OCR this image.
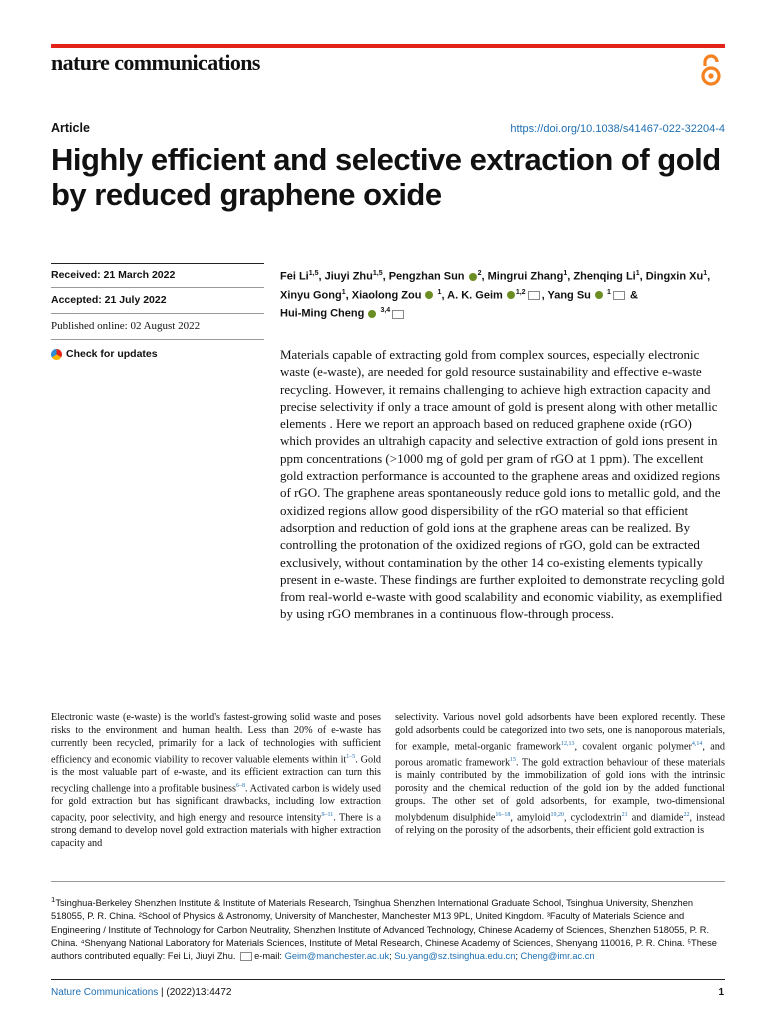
nature communications
Article	https://doi.org/10.1038/s41467-022-32204-4
Highly efficient and selective extraction of gold by reduced graphene oxide
Received: 21 March 2022
Accepted: 21 July 2022
Published online: 02 August 2022
Check for updates
Fei Li$^{1,5}$, Jiuyi Zhu$^{1,5}$, Pengzhan Sun $^2$, Mingrui Zhang$^1$, Zhenqing Li$^1$, Dingxin Xu$^1$, Xinyu Gong$^1$, Xiaolong Zou $^1$, A. K. Geim $^{1,2}$ , Yang Su $^1$ &
Hui-Ming Cheng $^{3,4}$
Materials capable of extracting gold from complex sources, especially electronic waste (e-waste), are needed for gold resource sustainability and effective e-waste recycling. However, it remains challenging to achieve high extraction capacity and precise selectivity if only a trace amount of gold is present along with other metallic elements . Here we report an approach based on reduced graphene oxide (rGO) which provides an ultrahigh capacity and selective extraction of gold ions present in ppm concentrations (>1000 mg of gold per gram of rGO at 1 ppm). The excellent gold extraction performance is accounted to the graphene areas and oxidized regions of rGO. The graphene areas spontaneously reduce gold ions to metallic gold, and the oxidized regions allow good dispersibility of the rGO material so that efficient adsorption and reduction of gold ions at the graphene areas can be realized. By controlling the protonation of the oxidized regions of rGO, gold can be extracted exclusively, without contamination by the other 14 co-existing elements typically present in e-waste. These findings are further exploited to demonstrate recycling gold from real-world e-waste with good scalability and economic viability, as exemplified by using rGO membranes in a continuous flow-through process.
Electronic waste (e-waste) is the world's fastest-growing solid waste and poses risks to the environment and human health. Less than 20% of e-waste has currently been recycled, primarily for a lack of technologies with sufficient efficiency and economic viability to recover valuable elements within $it^{1-5}$. Gold is the most valuable part of e-waste, and its efficient extraction can turn this recycling challenge into a profitable business$^{6-8}$. Activated carbon is widely used for gold extraction but has significant drawbacks, including low extraction capacity, poor selectivity, and high energy and resource intensity$^{9-11}$. There is a strong demand to develop novel gold extraction materials with higher extraction capacity and
selectivity. Various novel gold adsorbents have been explored recently. These gold adsorbents could be categorized into two sets, one is nanoporous materials, for example, metal-organic framework$^{12,13}$, covalent organic polymer$^{4,14}$, and porous aromatic framework$^{15}$. The gold extraction behaviour of these materials is mainly contributed by the immobilization of gold ions with the intrinsic porosity and the chemical reduction of the gold ion by the added functional groups. The other set of gold adsorbents, for example, two-dimensional molybdenum disulphide$^{16-18}$, amyloid$^{19,20}$, cyclodextrin$^{21}$ and diamide$^{22}$, instead of relying on the porosity of the adsorbents, their efficient gold extraction is
$^1$Tsinghua-Berkeley Shenzhen Institute & Institute of Materials Research, Tsinghua Shenzhen International Graduate School, Tsinghua University, Shenzhen 518055, P. R. China. ²School of Physics & Astronomy, University of Manchester, Manchester M13 9PL, United Kingdom. ³Faculty of Materials Science and Engineering / Institute of Technology for Carbon Neutrality, Shenzhen Institute of Advanced Technology, Chinese Academy of Sciences, Shenzhen 518055, P. R. China. ⁴Shenyang National Laboratory for Materials Sciences, Institute of Metal Research, Chinese Academy of Sciences, Shenyang 110016, P. R. China. ⁵These authors contributed equally: Fei Li, Jiuyi Zhu. e-mail: Geim@manchester.ac.uk; Su.yang@sz.tsinghua.edu.cn; Cheng@imr.ac.cn
Nature Communications | (2022)13:4472	1
